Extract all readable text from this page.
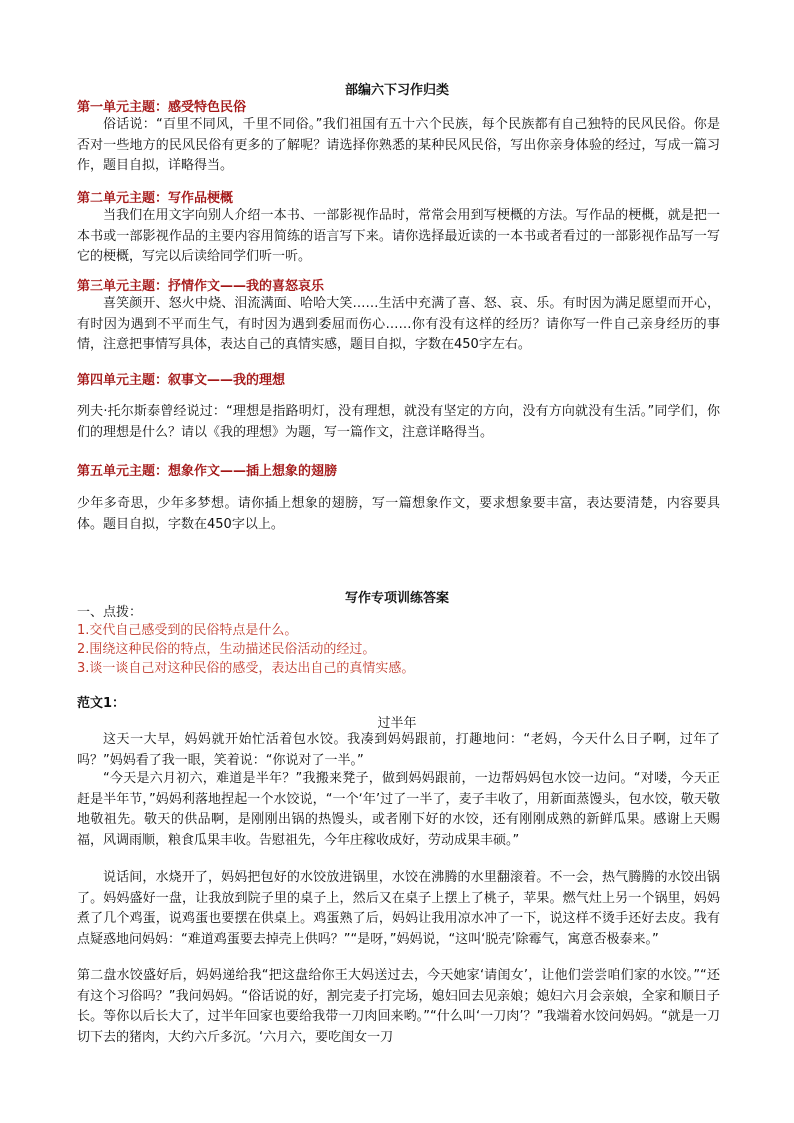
部编六下习作归类
第一单元主题：感受特色民俗
俗话说：“百里不同风，千里不同俗。”我们祖国有五十六个民族，每个民族都有自己独特的民风民俗。你是否对一些地方的民风民俗有更多的了解呢？请选择你熟悉的某种民风民俗，写出你亲身体验的经过，写成一篇习作，题目自拟，详略得当。
第二单元主题：写作品梗概
当我们在用文字向别人介绍一本书、一部影视作品时，常常会用到写梗概的方法。写作品的梗概，就是把一本书或一部影视作品的主要内容用简练的语言写下来。请你选择最近读的一本书或者看过的一部影视作品写一写它的梗概，写完以后读给同学们听一听。
第三单元主题：抒情作文——我的喜怒哀乐
喜笑颜开、怒火中烧、泪流满面、哈哈大笑……生活中充满了喜、怒、哀、乐。有时因为满足愿望而开心，有时因为遇到不平而生气，有时因为遇到委屈而伤心……你有没有这样的经历？请你写一件自己亲身经历的事情，注意把事情写具体，表达自己的真情实感，题目自拟，字数在450字左右。
第四单元主题：叙事文——我的理想
列夫·托尔斯泰曾经说过：“理想是指路明灯，没有理想，就没有坚定的方向，没有方向就没有生活。”同学们，你们的理想是什么？请以《我的理想》为题，写一篇作文，注意详略得当。
第五单元主题：想象作文——插上想象的翅膀
少年多奇思，少年多梦想。请你插上想象的翅膀，写一篇想象作文，要求想象要丰富，表达要清楚，内容要具体。题目自拟，字数在450字以上。
写作专项训练答案
一、点拨：
1.交代自己感受到的民俗特点是什么。
2.围绕这种民俗的特点，生动描述民俗活动的经过。
3.谈一谈自己对这种民俗的感受，表达出自己的真情实感。
范文1：
过半年
这天一大早，妈妈就开始忙活着包水饺。我凑到妈妈跟前，打趣地问：“老妈，今天什么日子啊，过年了吗？”妈妈看了我一眼，笑着说：“你说对了一半。”
“今天是六月初六，难道是半年？”我搬来凳子，做到妈妈跟前，一边帮妈妈包水饺一边问。“对喽，今天正赶是半年节，”妈妈利落地捏起一个水饺说，“一个‘年’过了一半了，麦子丰收了，用新面蒸馒头，包水饺，敬天敬地敬祖先。敬天的供品啊，是刚刚出锅的热馒头，或者刚下好的水饺，还有刚刚成熟的新鲜瓜果。感谢上天赐福，风调雨顺，粮食瓜果丰收。告慰祖先，今年庄稼收成好，劳动成果丰硕。”
说话间，水烧开了，妈妈把包好的水饺放进锅里，水饺在沸腾的水里翻滚着。不一会，热气腾腾的水饺出锅了。妈妈盛好一盘，让我放到院子里的桌子上，然后又在桌子上摆上了桃子，苹果。燃气灶上另一个锅里，妈妈煮了几个鸡蛋，说鸡蛋也要摆在供桌上。鸡蛋熟了后，妈妈让我用凉水冲了一下，说这样不烫手还好去皮。我有点疑惑地问妈妈：“难道鸡蛋要去掉壳上供吗？”“是呀，”妈妈说，“这叫‘脱壳’除霉气，寓意否极泰来。”
第二盘水饺盛好后，妈妈递给我“把这盘给你王大妈送过去，今天她家‘请闺女’，让他们尝尝咱们家的水饺。”“还有这个习俗吗？”我问妈妈。“俗话说的好，割完麦子打完场，媳妇回去见亲娘；媳妇六月会亲娘，全家和顺日子长。等你以后长大了，过半年回家也要给我带一刀肉回来哟。”“什么叫‘一刀肉’？”我端着水饺问妈妈。“就是一刀切下去的猪肉，大约六斤多沉。‘六月六，要吃闺女一刀
